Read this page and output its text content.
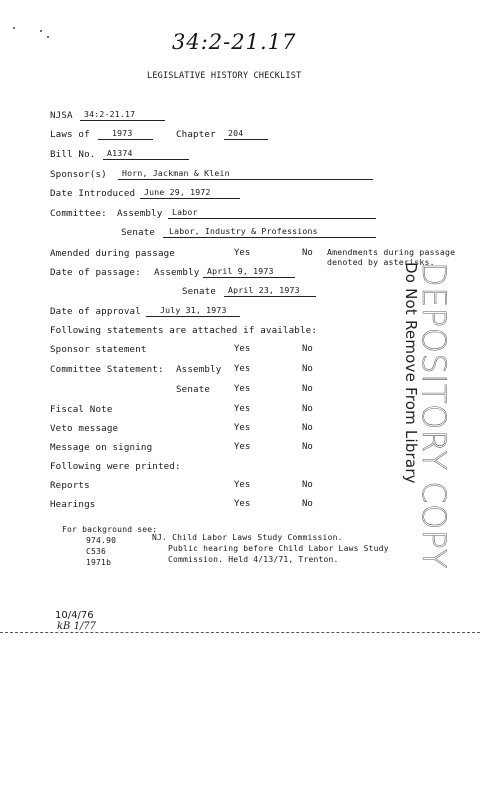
34:2-21.17
LEGISLATIVE HISTORY CHECKLIST
NJSA 34:2-21.17
Laws of	1973	Chapter 204
Bill No. A1374
Sponsor(s) Horn, Jackman & Klein
Date Introduced June 29, 1972
Committee: Assembly Labor
Senate Labor, Industry & Professions
Amended during passage	Yes	No Amendments during passage
denoted by asterisks.
Date of passage: Assembly April 9, 1973
Senate April 23, 1973
Date of approval July 31, 1973
Following statements are attached if available:
Sponsor statement	Yes	No
Committee Statement: Assembly Yes	No
Senate	Yes	No
Fiscal Note	Yes	No
Veto message	Yes	No
Message on signing	Yes	No
Following were printed:
Reports	Yes	No
Hearings	Yes	No
For background see:
974.90	NJ. Child Labor Laws Study Commission.
C536	Public hearing before Child Labor Laws Study
1971b	Commission. Held 4/13/71, Trenton. DEPOSITORY COPY
Do Not Remove From Library
10/4/76
kB 1/77
